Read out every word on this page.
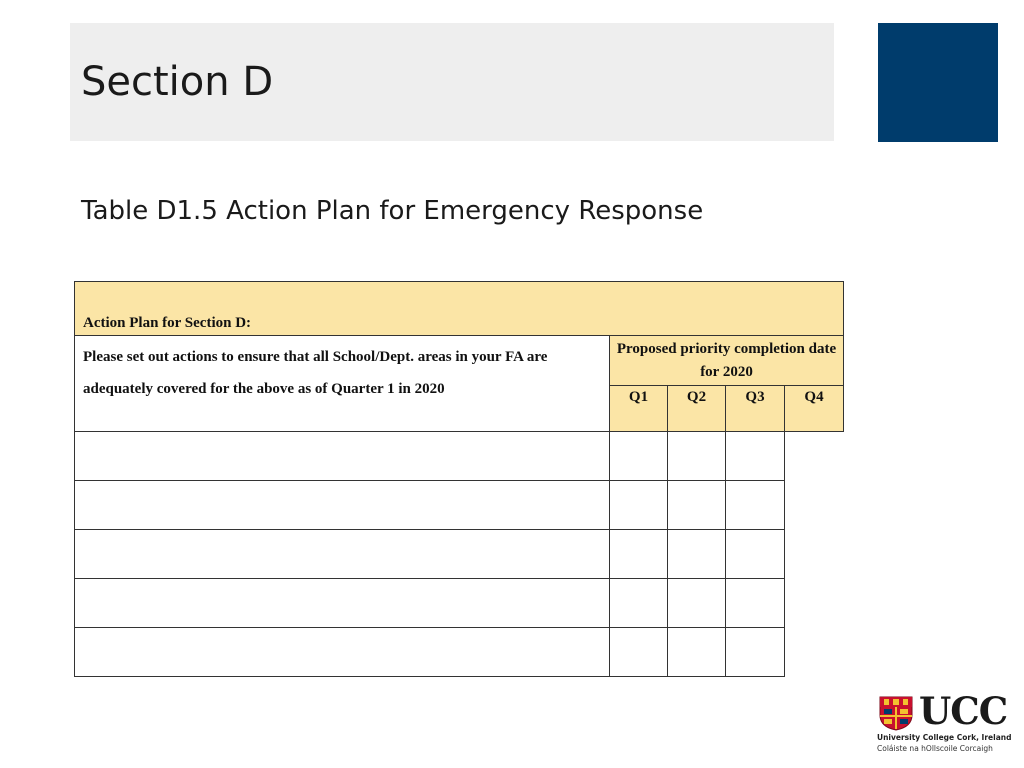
Section D

Table D1.5 Action Plan for Emergency Response

Action Plan for Section D:				
Please set out actions to ensure that all School/Dept. areas in your FA are adequately covered for the above as of Quarter 1 in 2020	Proposed priority completion date for 2020			
	Q1	Q2	Q3	Q4

UCC
University College Cork, Ireland
Coláiste na hOllscoile Corcaigh
